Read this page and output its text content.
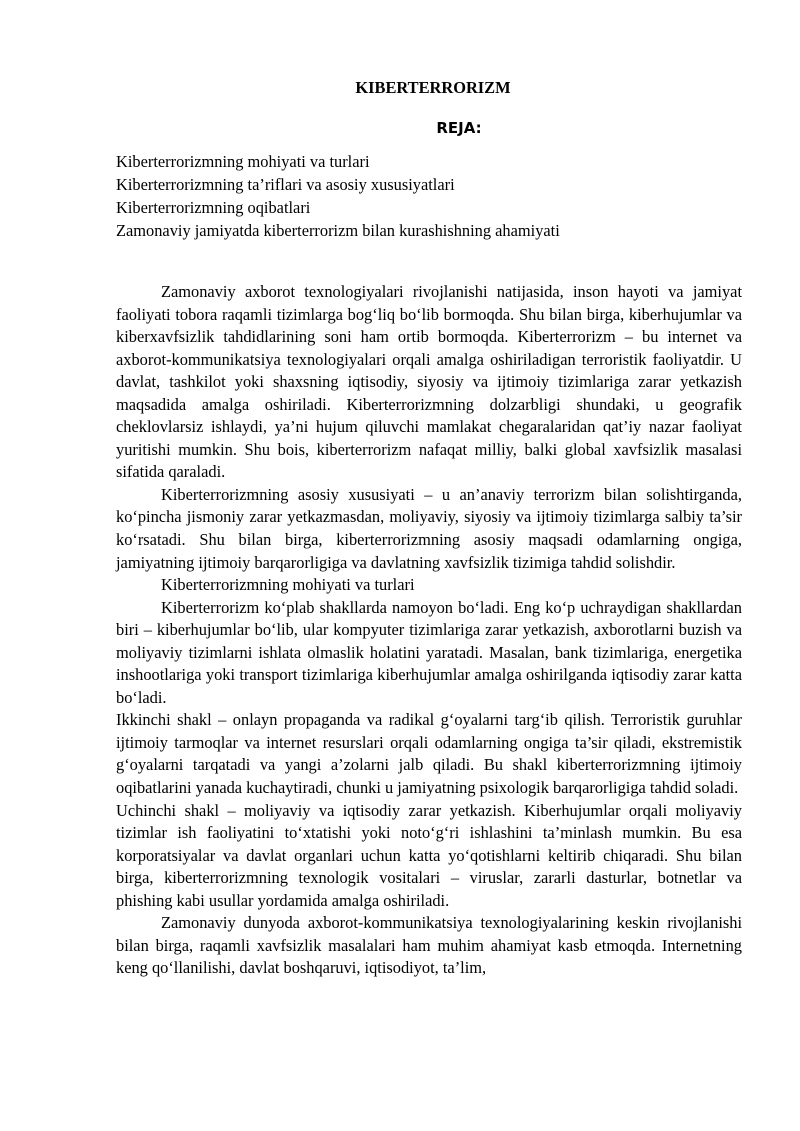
KIBERTERRORIZM
REJA:
Kiberterrorizmning mohiyati va turlari
Kiberterrorizmning ta’riflari va asosiy xususiyatlari
Kiberterrorizmning oqibatlari
Zamonaviy jamiyatda kiberterrorizm bilan kurashishning ahamiyati

Zamonaviy axborot texnologiyalari rivojlanishi natijasida, inson hayoti va jamiyat faoliyati tobora raqamli tizimlarga bog‘liq bo‘lib bormoqda. Shu bilan birga, kiberhujumlar va kiberxavfsizlik tahdidlarining soni ham ortib bormoqda. Kiberterrorizm – bu internet va axborot-kommunikatsiya texnologiyalari orqali amalga oshiriladigan terroristik faoliyatdir. U davlat, tashkilot yoki shaxsning iqtisodiy, siyosiy va ijtimoiy tizimlariga zarar yetkazish maqsadida amalga oshiriladi. Kiberterrorizmning dolzarbligi shundaki, u geografik cheklovlarsiz ishlaydi, ya’ni hujum qiluvchi mamlakat chegaralaridan qat’iy nazar faoliyat yuritishi mumkin. Shu bois, kiberterrorizm nafaqat milliy, balki global xavfsizlik masalasi sifatida qaraladi.

Kiberterrorizmning asosiy xususiyati – u an’anaviy terrorizm bilan solishtirganda, ko‘pincha jismoniy zarar yetkazmasdan, moliyaviy, siyosiy va ijtimoiy tizimlarga salbiy ta’sir ko‘rsatadi. Shu bilan birga, kiberterrorizmning asosiy maqsadi odamlarning ongiga, jamiyatning ijtimoiy barqarorligiga va davlatning xavfsizlik tizimiga tahdid solishdir.

Kiberterrorizmning mohiyati va turlari

Kiberterrorizm ko‘plab shakllarda namoyon bo‘ladi. Eng ko‘p uchraydigan shakllardan biri – kiberhujumlar bo‘lib, ular kompyuter tizimlariga zarar yetkazish, axborotlarni buzish va moliyaviy tizimlarni ishlata olmaslik holatini yaratadi. Masalan, bank tizimlariga, energetika inshootlariga yoki transport tizimlariga kiberhujumlar amalga oshirilganda iqtisodiy zarar katta bo‘ladi.

Ikkinchi shakl – onlayn propaganda va radikal g‘oyalarni targ‘ib qilish. Terroristik guruhlar ijtimoiy tarmoqlar va internet resurslari orqali odamlarning ongiga ta’sir qiladi, ekstremistik g‘oyalarni tarqatadi va yangi a’zolarni jalb qiladi. Bu shakl kiberterrorizmning ijtimoiy oqibatlarini yanada kuchaytiradi, chunki u jamiyatning psixologik barqarorligiga tahdid soladi.

Uchinchi shakl – moliyaviy va iqtisodiy zarar yetkazish. Kiberhujumlar orqali moliyaviy tizimlar ish faoliyatini to‘xtatishi yoki noto‘g‘ri ishlashini ta’minlash mumkin. Bu esa korporatsiyalar va davlat organlari uchun katta yo‘qotishlarni keltirib chiqaradi. Shu bilan birga, kiberterrorizmning texnologik vositalari – viruslar, zararli dasturlar, botnetlar va phishing kabi usullar yordamida amalga oshiriladi.

Zamonaviy dunyoda axborot-kommunikatsiya texnologiyalarining keskin rivojlanishi bilan birga, raqamli xavfsizlik masalalari ham muhim ahamiyat kasb etmoqda. Internetning keng qo‘llanilishi, davlat boshqaruvi, iqtisodiyot, ta’lim,
